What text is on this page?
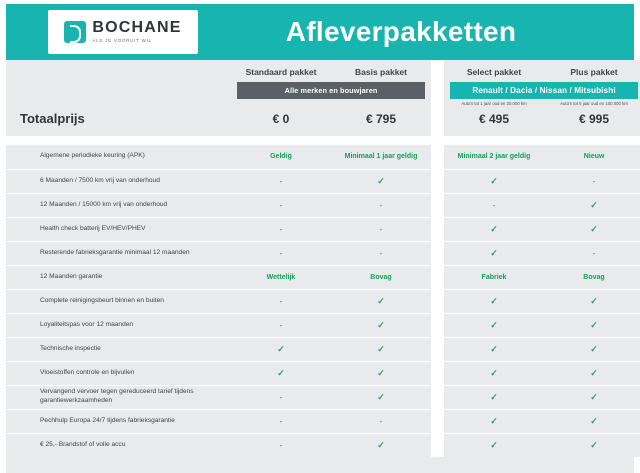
BOCHANE
ALS JE VOORUIT WIL	Afleverpakketten
	Standaard pakket	Basis pakket		Select pakket	Plus pakket

	Alle merken en bouwjaren			Renault / Dacia / Nissan / Mitsubishi	

				Auto's tot 1 jaar oud en 20.000 km	Auto's tot 5 jaar oud en 100.000 km
Totaalprijs	€ 0	€ 795		€ 495	€ 995

Algemene periodieke keuring (APK)	Geldig	Minimaal 1 jaar geldig		Minimaal 2 jaar geldig	Nieuw
6 Maanden / 7500 km vrij van onderhoud	-	✓		✓	-
12 Maanden / 15000 km vrij van onderhoud	-	-		-	✓
Health check batterij EV/HEV/PHEV	-	-		✓	✓
Resterende fabrieksgarantie minimaal 12 maanden	-	-		✓	-
12 Maanden garantie	Wettelijk	Bovag		Fabriek	Bovag
Complete reinigingsbeurt binnen en buiten	-	✓		✓	✓
Loyaliteitspas voor 12 maanden	-	✓		✓	✓
Technische inspectie	✓	✓		✓	✓
Vloeistoffen controle en bijvullen	✓	✓		✓	✓
Vervangend vervoer tegen gereduceerd tarief tijdens garantiewerkzaamheden	-	✓		✓	✓
Pechhulp Europa 24/7 tijdens fabrieksgarantie	-	-		✓	✓
€ 25,- Brandstof of volle accu	-	✓		✓	✓
